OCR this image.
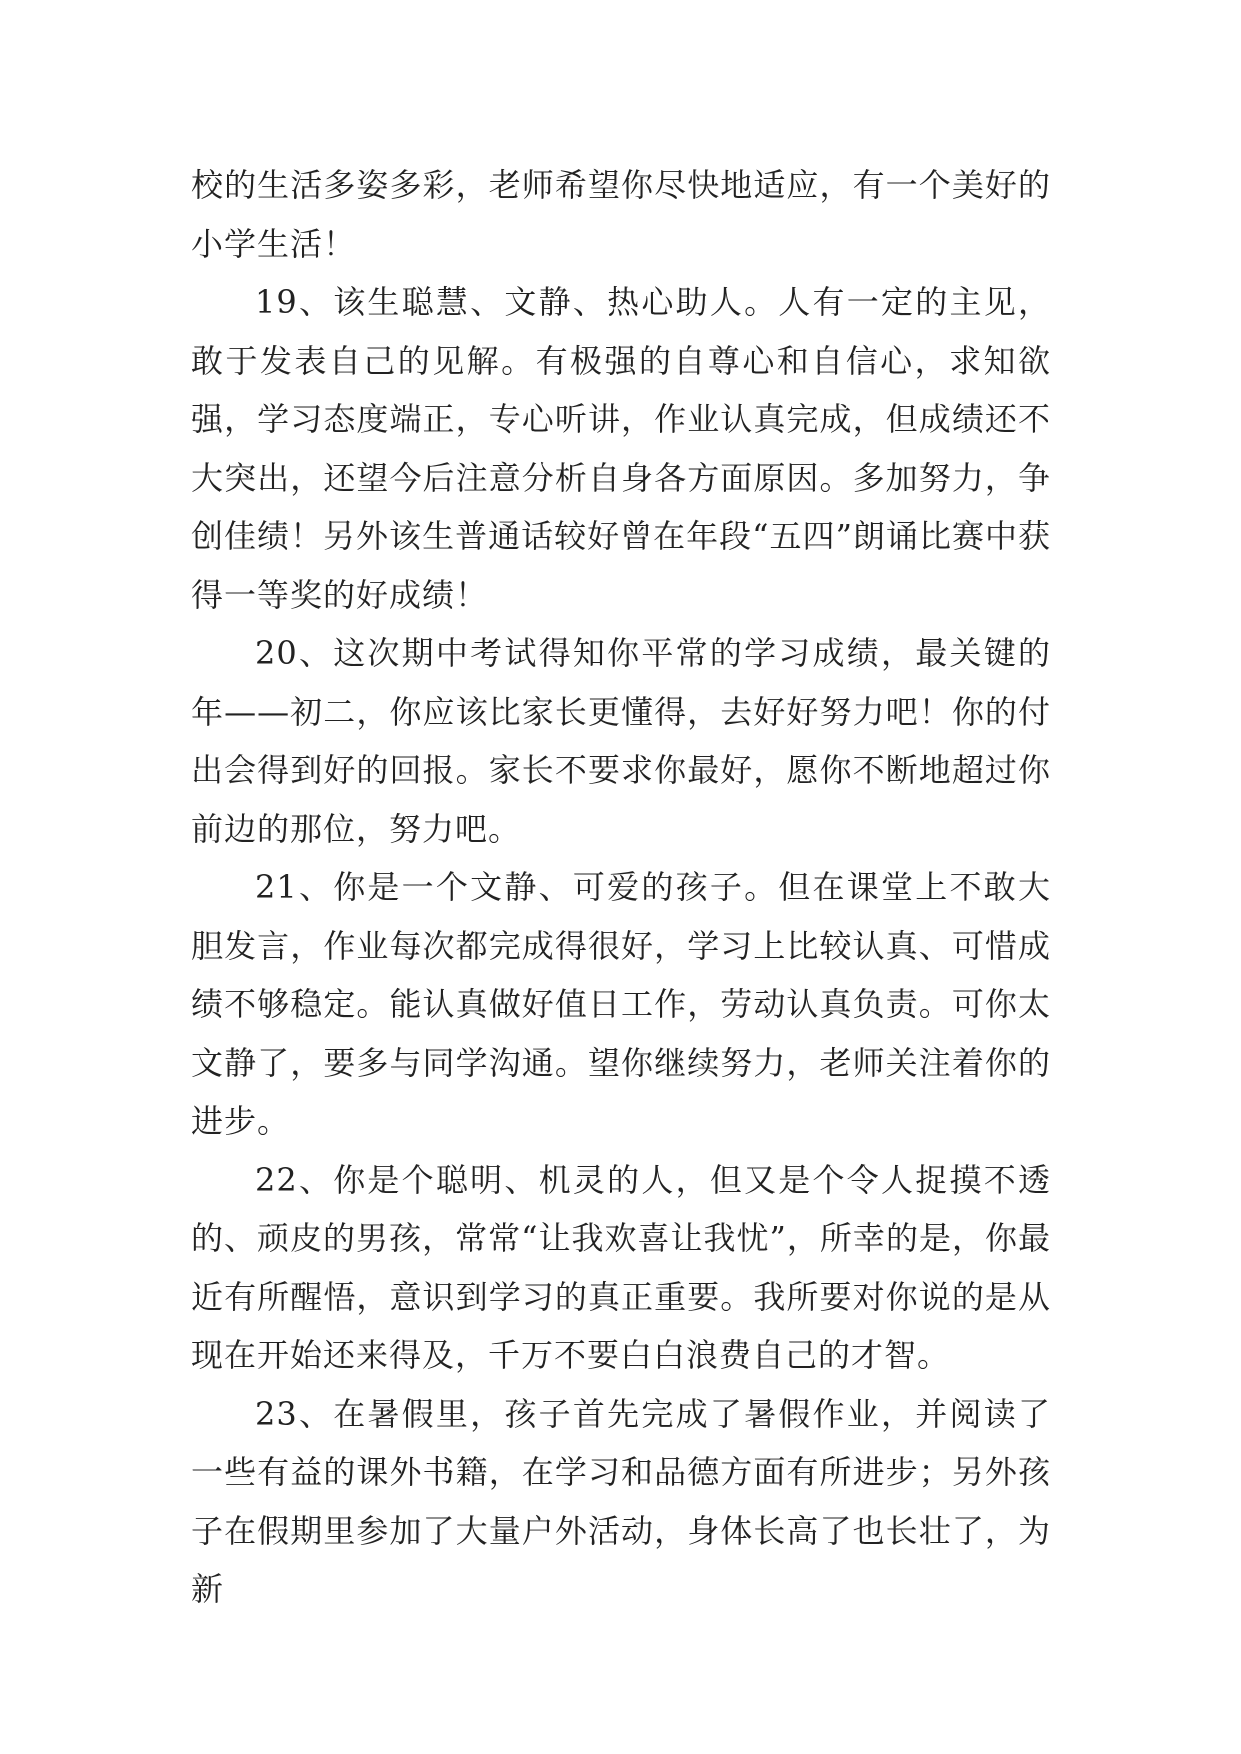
校的生活多姿多彩，老师希望你尽快地适应，有一个美好的小学生活！

19、该生聪慧、文静、热心助人。人有一定的主见，敢于发表自己的见解。有极强的自尊心和自信心，求知欲强，学习态度端正，专心听讲，作业认真完成，但成绩还不大突出，还望今后注意分析自身各方面原因。多加努力，争创佳绩！另外该生普通话较好曾在年段“五四”朗诵比赛中获得一等奖的好成绩！

20、这次期中考试得知你平常的学习成绩，最关键的年——初二，你应该比家长更懂得，去好好努力吧！你的付出会得到好的回报。家长不要求你最好，愿你不断地超过你前边的那位，努力吧。

21、你是一个文静、可爱的孩子。但在课堂上不敢大胆发言，作业每次都完成得很好，学习上比较认真、可惜成绩不够稳定。能认真做好值日工作，劳动认真负责。可你太文静了，要多与同学沟通。望你继续努力，老师关注着你的进步。

22、你是个聪明、机灵的人，但又是个令人捉摸不透的、顽皮的男孩，常常“让我欢喜让我忧”，所幸的是，你最近有所醒悟，意识到学习的真正重要。我所要对你说的是从现在开始还来得及，千万不要白白浪费自己的才智。

23、在暑假里，孩子首先完成了暑假作业，并阅读了一些有益的课外书籍，在学习和品德方面有所进步；另外孩子在假期里参加了大量户外活动，身体长高了也长壮了，为新
